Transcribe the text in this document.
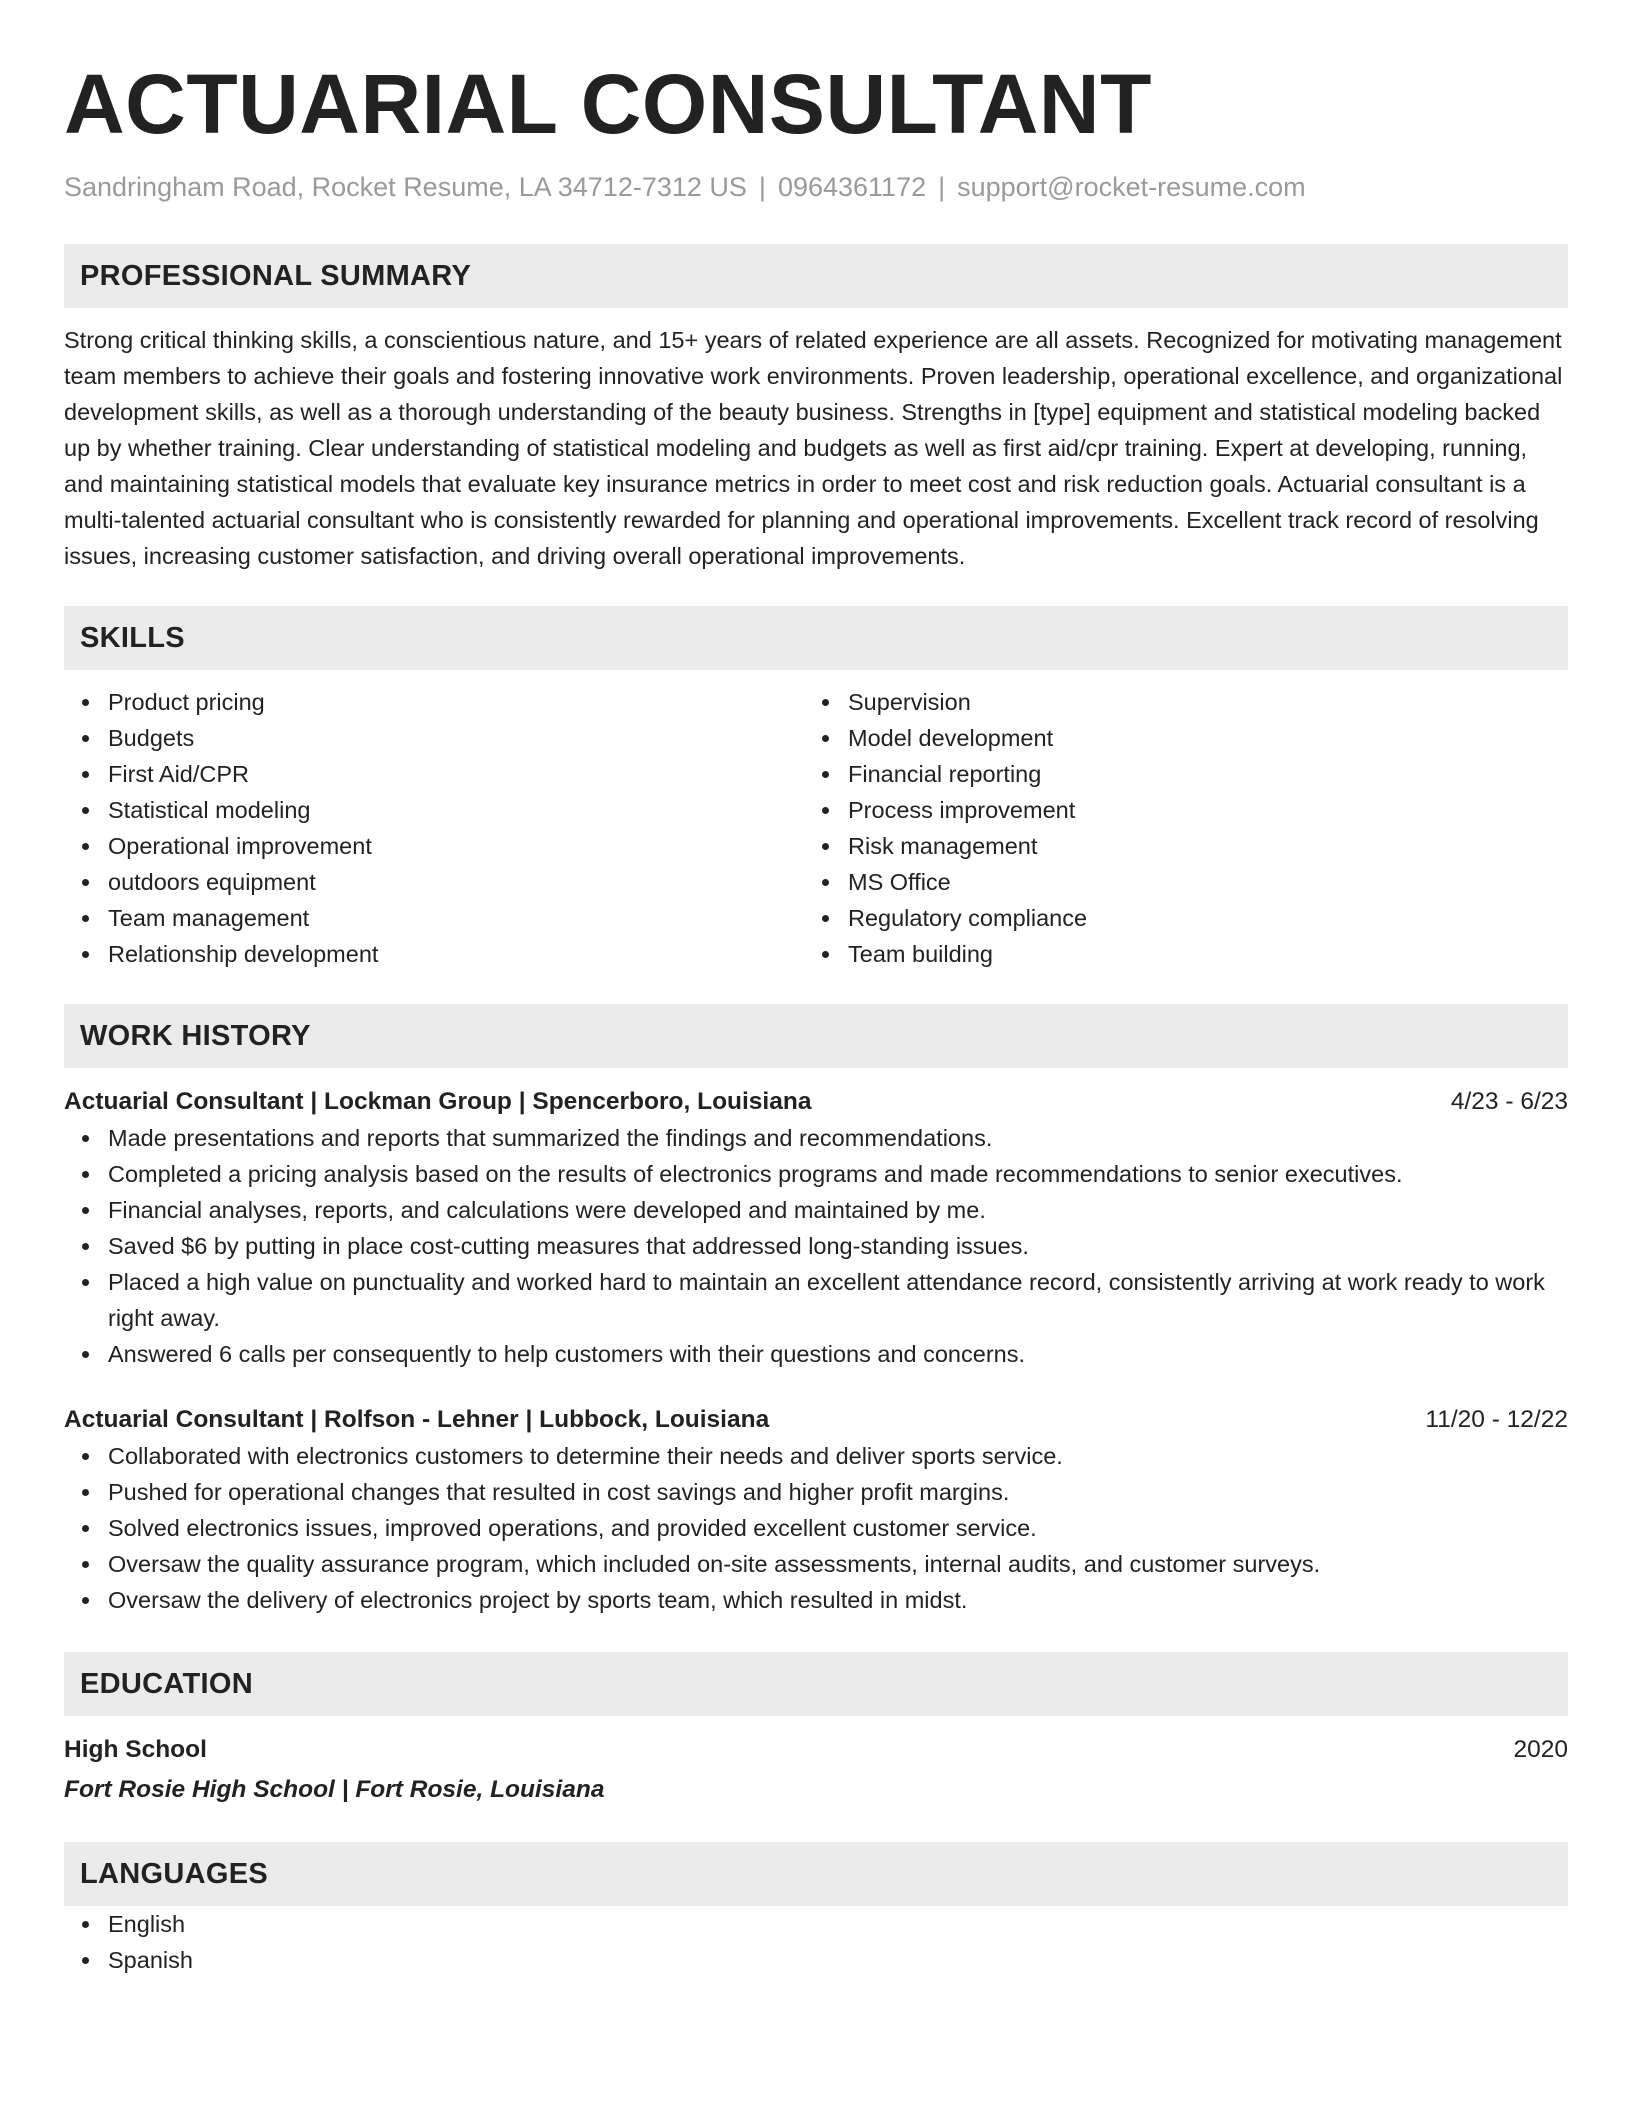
ACTUARIAL CONSULTANT
Sandringham Road, Rocket Resume, LA 34712-7312 US | 0964361172 | support@rocket-resume.com
PROFESSIONAL SUMMARY

Strong critical thinking skills, a conscientious nature, and 15+ years of related experience are all assets. Recognized for motivating management team members to achieve their goals and fostering innovative work environments. Proven leadership, operational excellence, and organizational development skills, as well as a thorough understanding of the beauty business. Strengths in [type] equipment and statistical modeling backed up by whether training. Clear understanding of statistical modeling and budgets as well as first aid/cpr training. Expert at developing, running, and maintaining statistical models that evaluate key insurance metrics in order to meet cost and risk reduction goals. Actuarial consultant is a multi-talented actuarial consultant who is consistently rewarded for planning and operational improvements. Excellent track record of resolving issues, increasing customer satisfaction, and driving overall operational improvements.

SKILLS
Product pricing
Budgets
First Aid/CPR
Statistical modeling
Operational improvement
outdoors equipment
Team management
Relationship development
Supervision
Model development
Financial reporting
Process improvement
Risk management
MS Office
Regulatory compliance
Team building
WORK HISTORY
Actuarial Consultant | Lockman Group | Spencerboro, Louisiana	4/23 - 6/23
Made presentations and reports that summarized the findings and recommendations.
Completed a pricing analysis based on the results of electronics programs and made recommendations to senior executives.
Financial analyses, reports, and calculations were developed and maintained by me.
Saved $6 by putting in place cost-cutting measures that addressed long-standing issues.
Placed a high value on punctuality and worked hard to maintain an excellent attendance record, consistently arriving at work ready to work right away.
Answered 6 calls per consequently to help customers with their questions and concerns.
Actuarial Consultant | Rolfson - Lehner | Lubbock, Louisiana	11/20 - 12/22
Collaborated with electronics customers to determine their needs and deliver sports service.
Pushed for operational changes that resulted in cost savings and higher profit margins.
Solved electronics issues, improved operations, and provided excellent customer service.
Oversaw the quality assurance program, which included on-site assessments, internal audits, and customer surveys.
Oversaw the delivery of electronics project by sports team, which resulted in midst.
EDUCATION
High School	2020
Fort Rosie High School | Fort Rosie, Louisiana
LANGUAGES
English
Spanish
